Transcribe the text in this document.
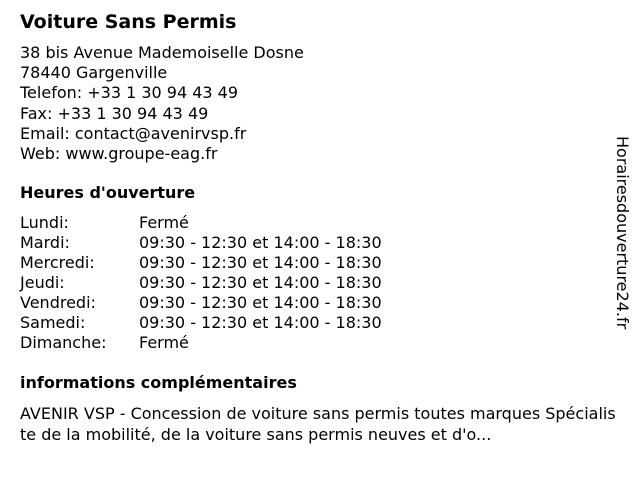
Voiture Sans Permis
38 bis Avenue Mademoiselle Dosne
78440 Gargenville
Telefon: +33 1 30 94 43 49
Fax: +33 1 30 94 43 49
Email: contact@avenirvsp.fr
Web: www.groupe-eag.fr
Heures d'ouverture
Lundi:	Fermé
Mardi:	09:30 - 12:30 et 14:00 - 18:30
Mercredi:	09:30 - 12:30 et 14:00 - 18:30
Jeudi:	09:30 - 12:30 et 14:00 - 18:30
Vendredi:	09:30 - 12:30 et 14:00 - 18:30
Samedi:	09:30 - 12:30 et 14:00 - 18:30
Dimanche: Fermé
informations complémentaires

AVENIR VSP - Concession de voiture sans permis toutes marques Spécialiste de la mobilité, de la voiture sans permis neuves et d'o...

Horairesdouverture24.fr
